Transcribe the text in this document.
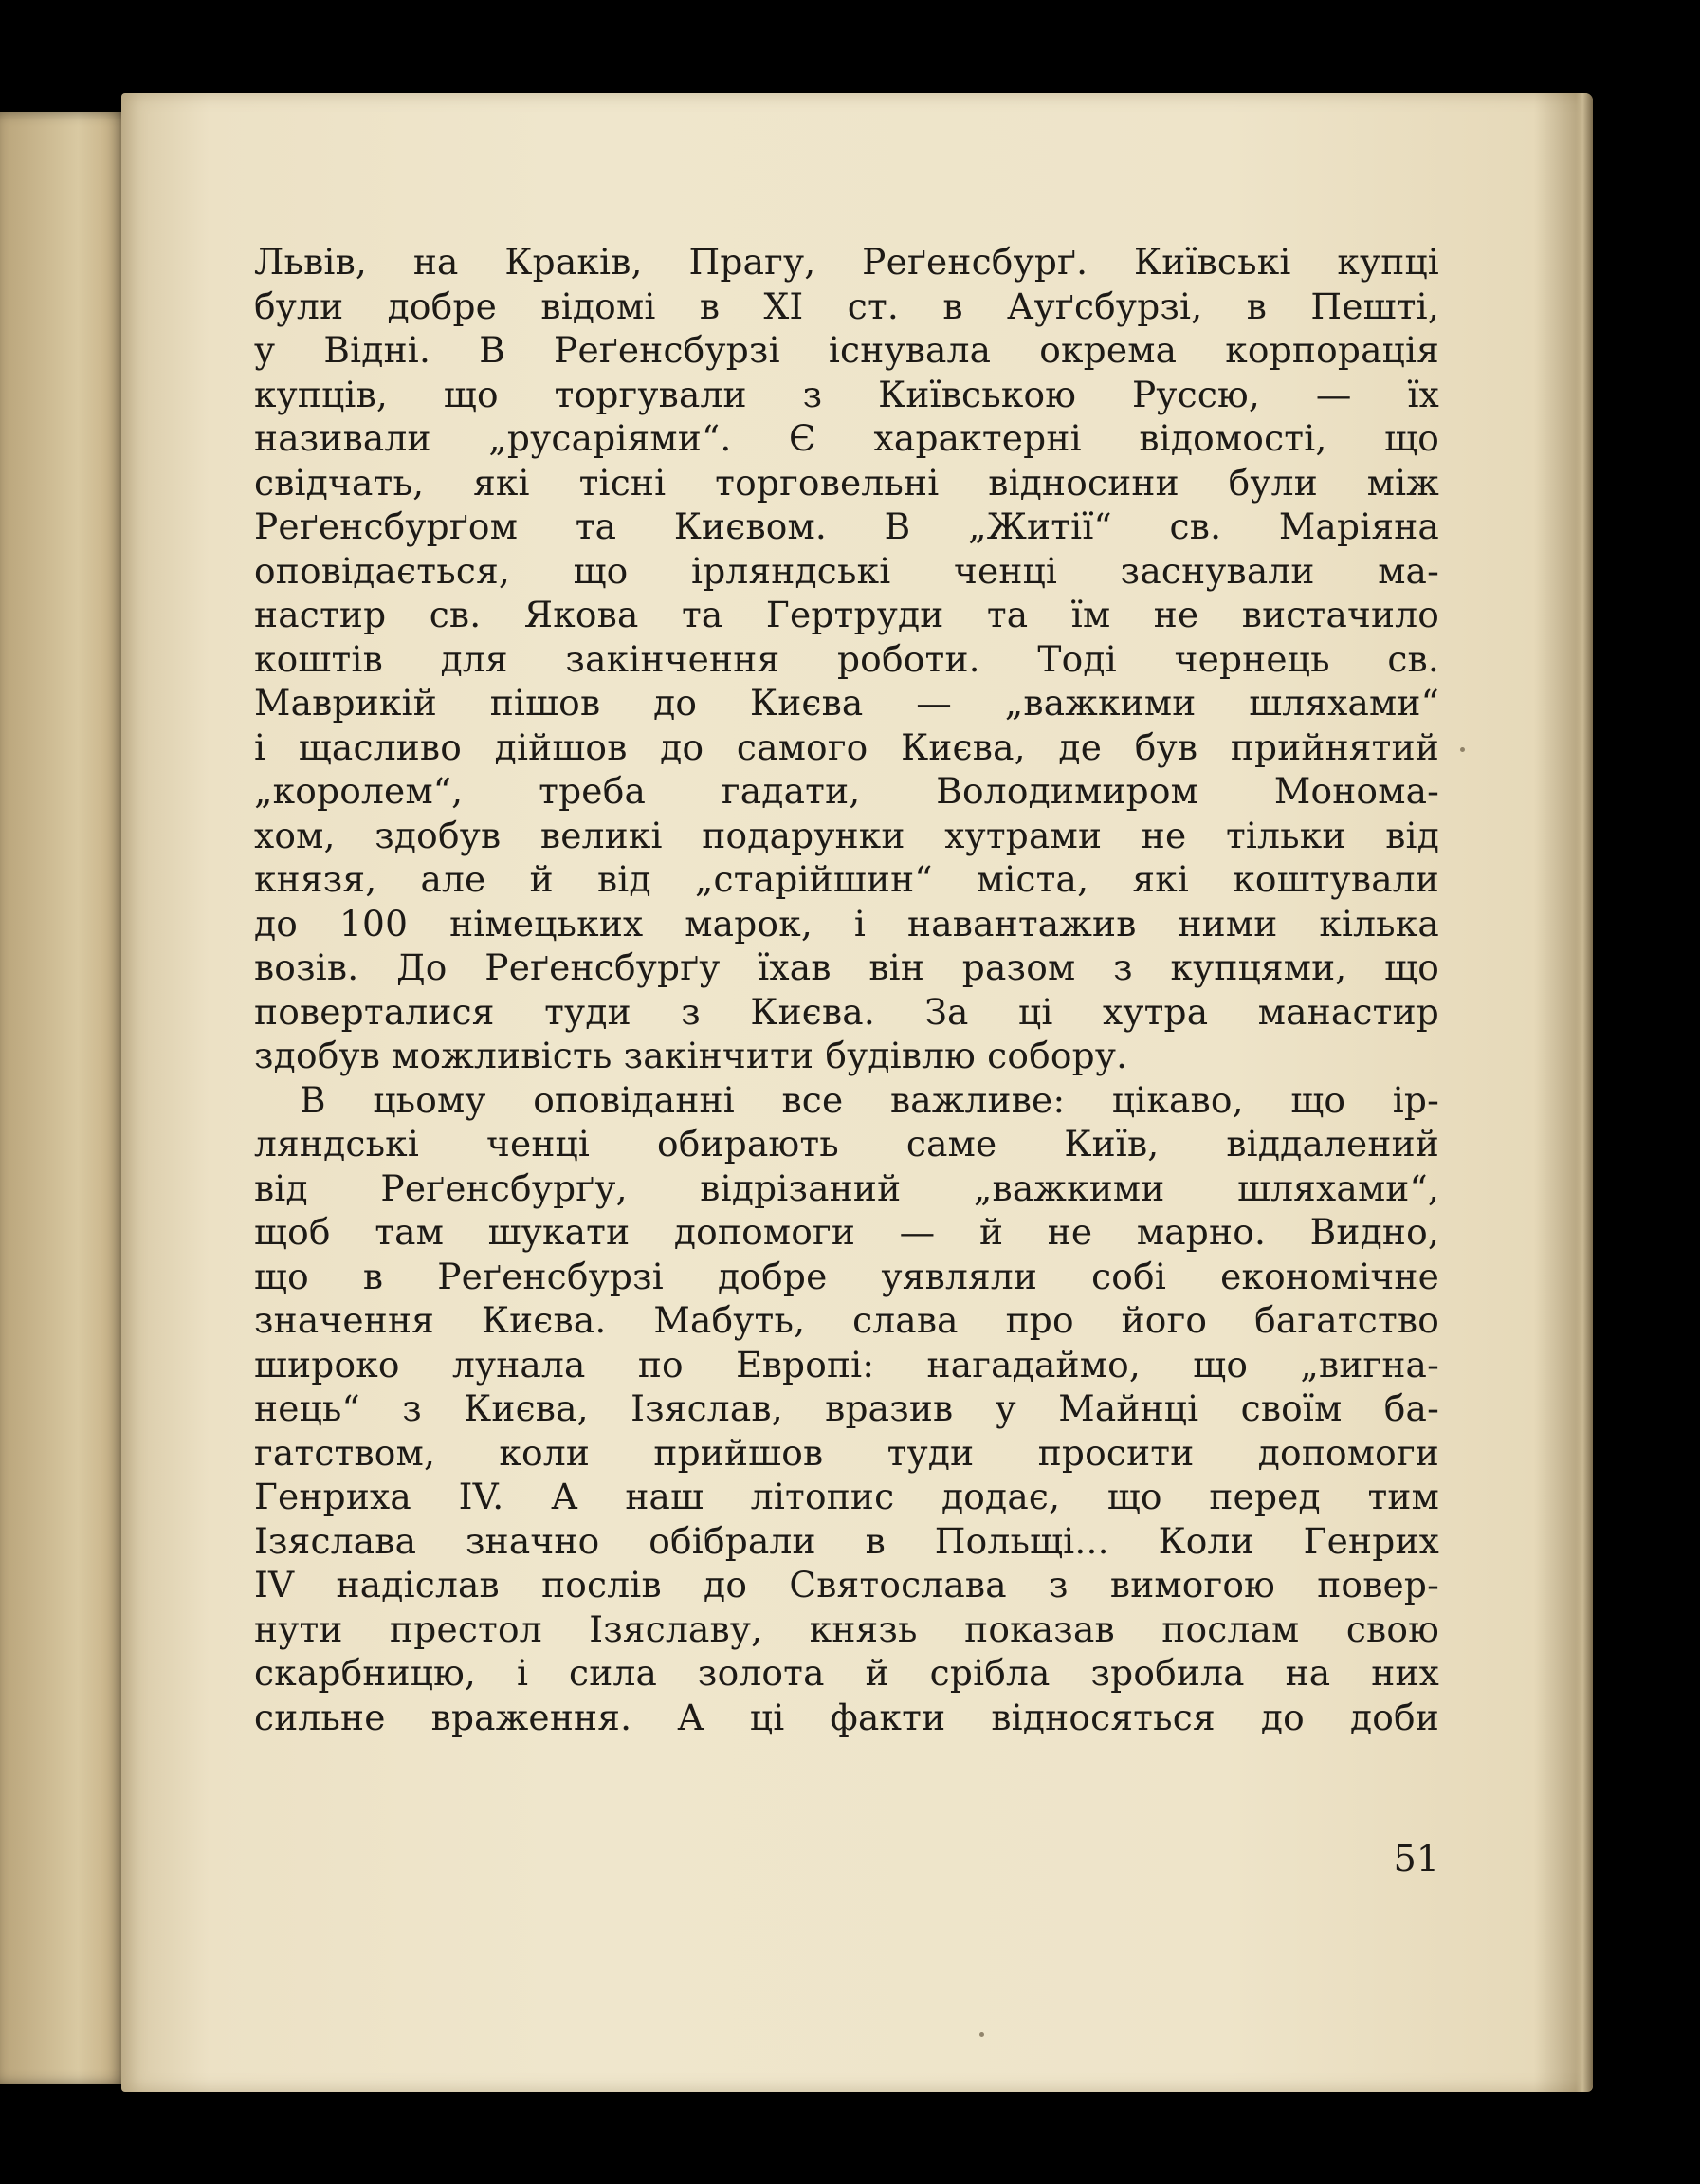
Львів, на Краків, Прагу, Реґенсбурґ. Київські купці
були добре відомі в XI ст. в Ауґсбурзі, в Пешті,
у Відні. В Реґенсбурзі існувала окрема корпорація
купців, що торгували з Київською Руссю, — їх
називали „русаріями“. Є характерні відомості, що
свідчать, які тісні торговельні відносини були між
Реґенсбурґом та Києвом. В „Житії“ св. Маріяна
оповідається, що ірляндські ченці заснували ма-
настир св. Якова та Гертруди та їм не вистачило
коштів для закінчення роботи. Тоді чернець св.
Маврикій пішов до Києва — „важкими шляхами“
і щасливо дійшов до самого Києва, де був прийнятий
„королем“, треба гадати, Володимиром Монома-
хом, здобув великі подарунки хутрами не тільки від
князя, але й від „старійшин“ міста, які коштували
до 100 німецьких марок, і навантажив ними кілька
возів. До Реґенсбурґу їхав він разом з купцями, що
поверталися туди з Києва. За ці хутра манастир
здобув можливість закінчити будівлю собору.
В цьому оповіданні все важливе: цікаво, що ір-
ляндські ченці обирають саме Київ, віддалений
від Реґенсбурґу, відрізаний „важкими шляхами“,
щоб там шукати допомоги — й не марно. Видно,
що в Реґенсбурзі добре уявляли собі економічне
значення Києва. Мабуть, слава про його багатство
широко лунала по Европі: нагадаймо, що „вигна-
нець“ з Києва, Ізяслав, вразив у Майнці своїм ба-
гатством, коли прийшов туди просити допомоги
Генриха IV. А наш літопис додає, що перед тим
Ізяслава значно обібрали в Польщі... Коли Генрих
IV надіслав послів до Святослава з вимогою повер-
нути престол Ізяславу, князь показав послам свою
скарбницю, і сила золота й срібла зробила на них
сильне враження. А ці факти відносяться до доби
51
